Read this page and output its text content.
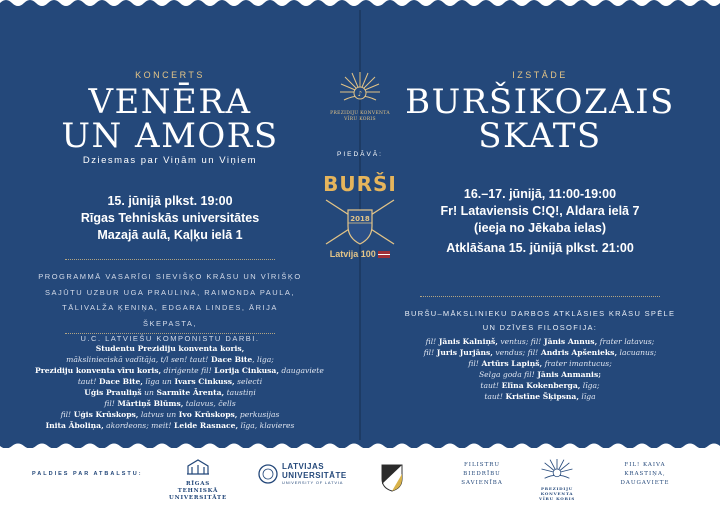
KONCERTS
VENĒRA
UN AMORS
Dziesmas par Viņām un Viņiem
15. jūnijā plkst. 19:00
Rīgas Tehniskās universitātes
Mazajā aulā, Kaļķu ielā 1
PROGRAMMĀ VASARĪGI SIEVIŠĶO KRĀSU UN VĪRIŠĶO
SAJŪTU UZBUR UGA PRAULINA, RAIMONDA PAULA,
TĀLIVALŽA ĶENIŅA, EDGARA LINDES, ĀRIJA ŠKEPASTA,
U.C. LATVIEŠU KOMPONISTU DARBI.
Studentu Prezidiju konventa koris,
mākslinieciskā vadītāja, t/l sen! taut! Dace Bite, liga;
Prezidiju konventa vīru koris, diriģente fil! Lorija Cinkusa, daugaviete
taut! Dace Bite, līga un Ivars Cinkuss, selecti
Uģis Prauliņš un Sarmīte Ārenta, taustiņi
fil! Mārtiņš Blūms, talavus, čells
fil! Uģis Krūskops, latvus un Ivo Krūskops, perkusijas
Inita Āboliņa, akordeons; meit! Leide Rasnace, līga, klavieres
♪
PREZIDIJU KONVENTA
VĪRU KORIS
PIEDĀVĀ:
BURŠI
2018
Latvija 100
IZSTĀDE
BURŠIKOZAIS
SKATS
16.–17. jūnijā, 11:00-19:00
Fr! Lataviensis C!Q!, Aldara ielā 7
(ieeja no Jēkaba ielas)
Atklāšana 15. jūnijā plkst. 21:00
BURŠU–MĀKSLINIEKU DARBOS ATKLĀSIES KRĀSU SPĒLE
UN DZĪVES FILOSOFIJA:
fil! Jānis Kalniņš, ventus; fil! Jānis Annus, frater latavus;
fil! Juris Jurjāns, vendus; fil! Andris Apšenieks, lacuanus;
fil! Artūrs Lapiņš, frater imantucus;
Selga goda fil! Jānis Anmanis;
taut! Elīna Kokenberga, līga;
taut! Kristīne Šķipsna, līga
PALDIES PAR ATBALSTU:
RĪGAS TEHNISKĀ
UNIVERSITĀTE
LATVIJAS
UNIVERSITĀTE
UNIVERSITY OF LATVIA
FILISTRU
BIEDRĪBU
SAVIENĪBA
PREZIDIJU KONVENTA
VĪRU KORIS
FIL! KAIVA
KRASTIŅA,
DAUGAVIETE
